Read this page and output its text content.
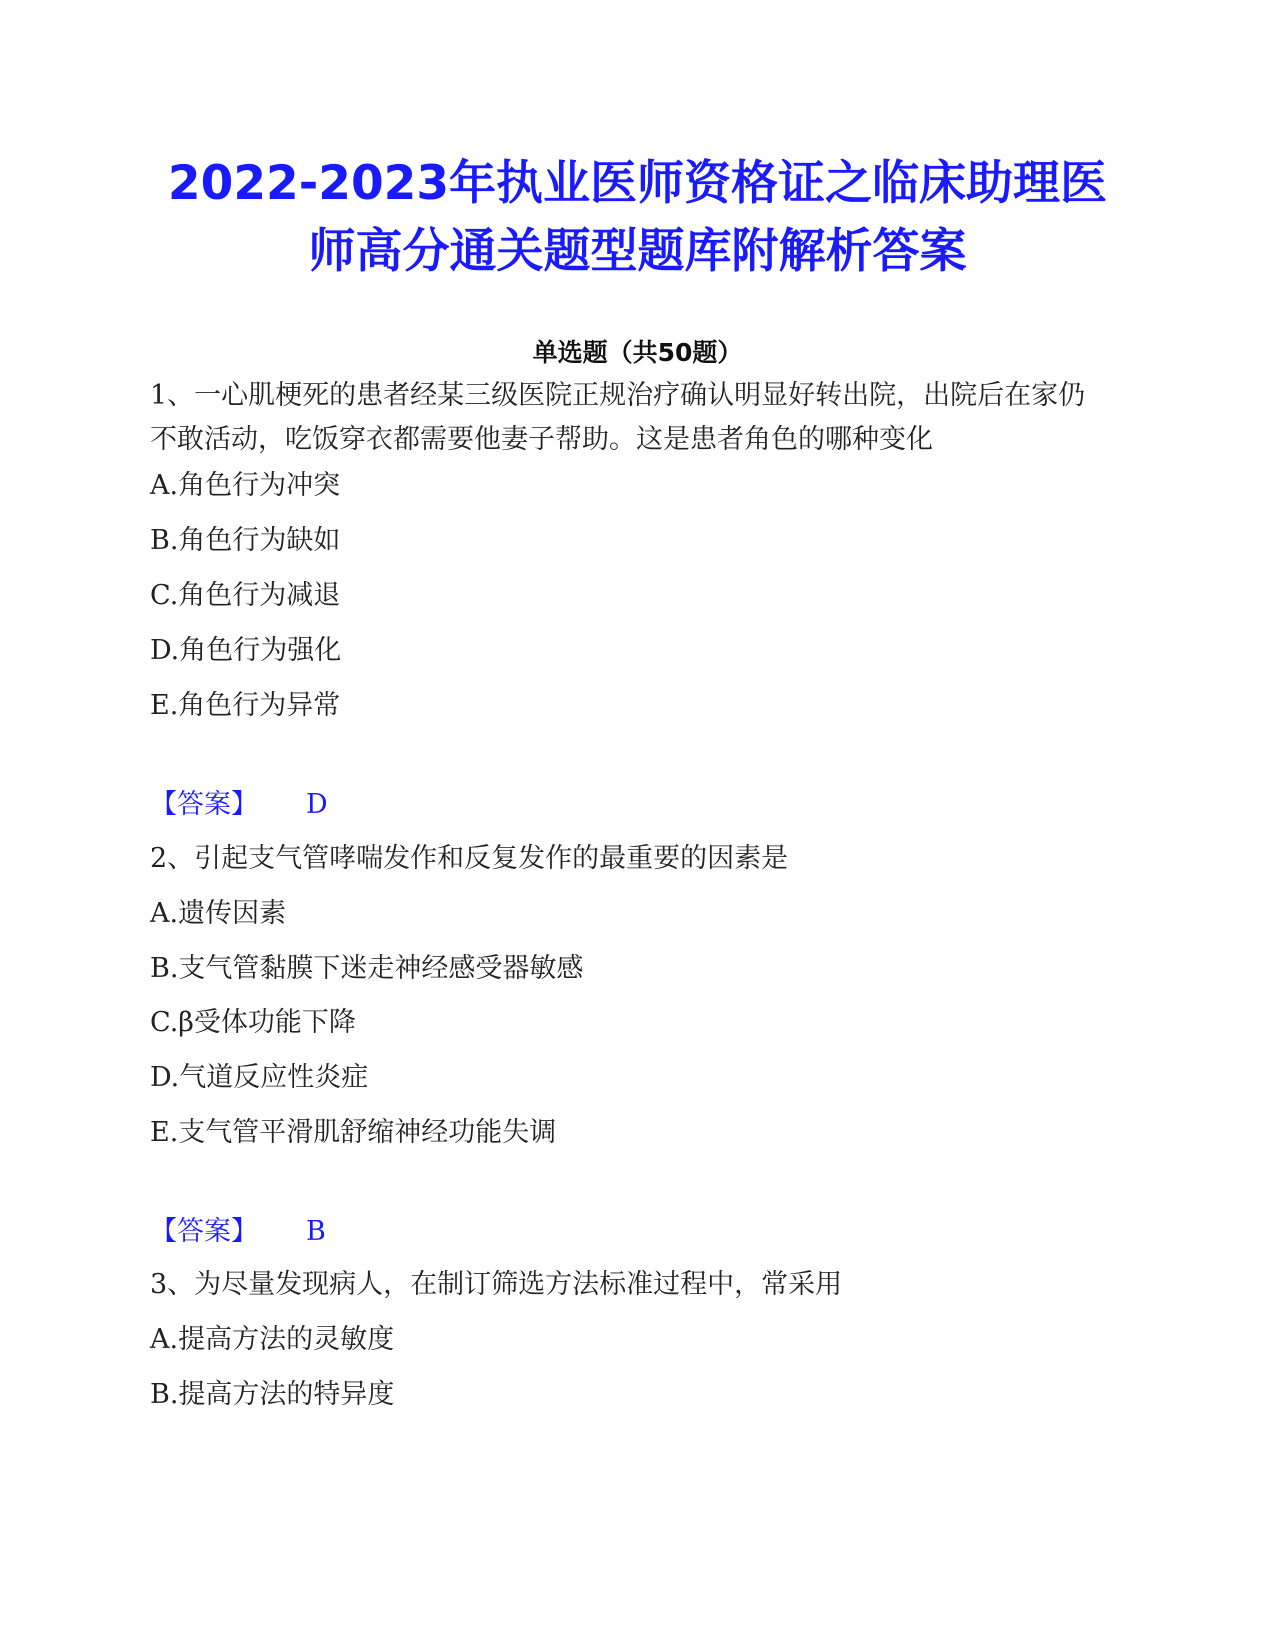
2022-2023年执业医师资格证之临床助理医
师高分通关题型题库附解析答案
单选题（共50题）
1、一心肌梗死的患者经某三级医院正规治疗确认明显好转出院，出院后在家仍不敢活动，吃饭穿衣都需要他妻子帮助。这是患者角色的哪种变化
A.角色行为冲突
B.角色行为缺如
C.角色行为减退
D.角色行为强化
E.角色行为异常
【答案】 D
2、引起支气管哮喘发作和反复发作的最重要的因素是
A.遗传因素
B.支气管黏膜下迷走神经感受器敏感
C.β受体功能下降
D.气道反应性炎症
E.支气管平滑肌舒缩神经功能失调
【答案】 B
3、为尽量发现病人，在制订筛选方法标准过程中，常采用
A.提高方法的灵敏度
B.提高方法的特异度
